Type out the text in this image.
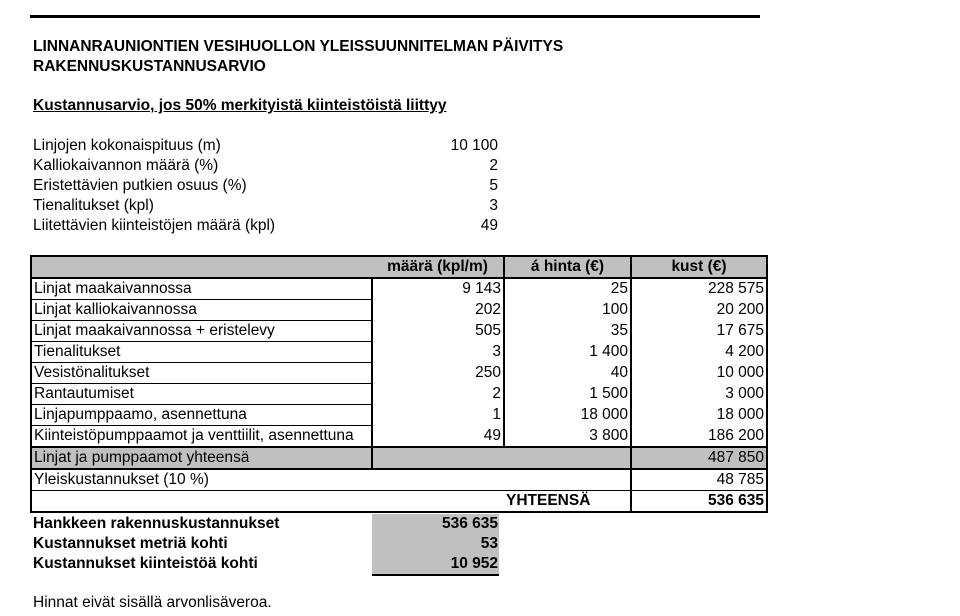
LINNANRAUNIONTIEN VESIHUOLLON YLEISSUUNNITELMAN PÄIVITYS
RAKENNUSKUSTANNUSARVIO
Kustannusarvio, jos 50% merkityistä kiinteistöistä liittyy
Linjojen kokonaispituus (m)	10 100
Kalliokaivannon määrä (%)	2
Eristettävien putkien osuus (%)	5
Tienalitukset (kpl)	3
Liitettävien kiinteistöjen määrä (kpl)	49
	määrä (kpl/m)	á hinta (€)	kust (€)
Linjat maakaivannossa	9 143	25	228 575
Linjat kalliokaivannossa	202	100	20 200
Linjat maakaivannossa + eristelevy	505	35	17 675
Tienalitukset	3	1 400	4 200
Vesistönalitukset	250	40	10 000
Rantautumiset	2	1 500	3 000
Linjapumppaamo, asennettuna	1	18 000	18 000
Kiinteistöpumppaamot ja venttiilit, asennettuna	49	3 800	186 200
Linjat ja pumppaamot yhteensä			487 850
Yleiskustannukset (10 %)			48 785
		YHTEENSÄ	536 635
Hankkeen rakennuskustannukset	536 635
Kustannukset metriä kohti	53
Kustannukset kiinteistöä kohti	10 952
Hinnat eivät sisällä arvonlisäveroa.
